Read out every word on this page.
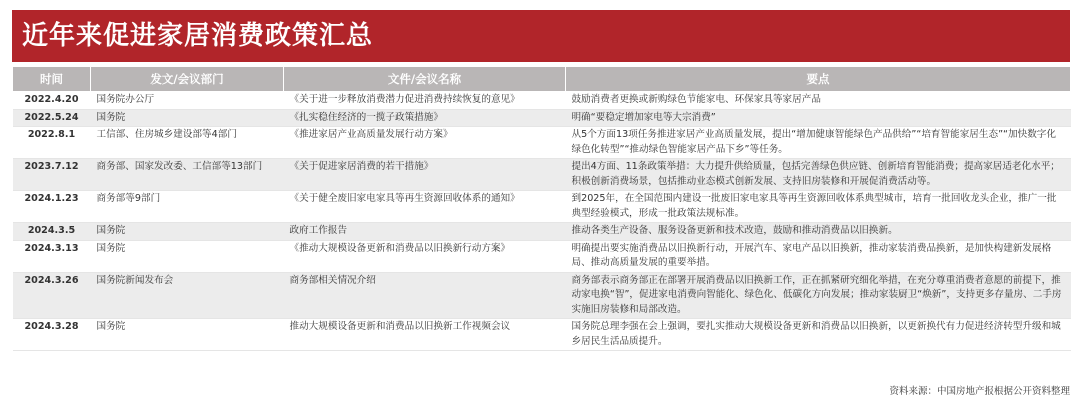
近年来促进家居消费政策汇总
时间	发文/会议部门	文件/会议名称	要点
2022.4.20	国务院办公厅	《关于进一步释放消费潜力促进消费持续恢复的意见》	鼓励消费者更换或新购绿色节能家电、环保家具等家居产品
2022.5.24	国务院	《扎实稳住经济的一揽子政策措施》	明确“要稳定增加家电等大宗消费”
2022.8.1	工信部、住房城乡建设部等4部门	《推进家居产业高质量发展行动方案》	从5个方面13项任务推进家居产业高质量发展，提出“增加健康智能绿色产品供给”“培育智能家居生态”“加快数字化绿色化转型”“推动绿色智能家居产品下乡”等任务。
2023.7.12	商务部、国家发改委、工信部等13部门	《关于促进家居消费的若干措施》	提出4方面、11条政策举措：大力提升供给质量，包括完善绿色供应链、创新培育智能消费；提高家居适老化水平；积极创新消费场景，包括推动业态模式创新发展、支持旧房装修和开展促消费活动等。
2024.1.23	商务部等9部门	《关于健全废旧家电家具等再生资源回收体系的通知》	到2025年，在全国范围内建设一批废旧家电家具等再生资源回收体系典型城市，培育一批回收龙头企业，推广一批典型经验模式，形成一批政策法规标准。
2024.3.5	国务院	政府工作报告	推动各类生产设备、服务设备更新和技术改造，鼓励和推动消费品以旧换新。
2024.3.13	国务院	《推动大规模设备更新和消费品以旧换新行动方案》	明确提出要实施消费品以旧换新行动，开展汽车、家电产品以旧换新，推动家装消费品换新，是加快构建新发展格局、推动高质量发展的重要举措。
2024.3.26	国务院新闻发布会	商务部相关情况介绍	商务部表示商务部正在部署开展消费品以旧换新工作，正在抓紧研究细化举措，在充分尊重消费者意愿的前提下，推动家电换“智”，促进家电消费向智能化、绿色化、低碳化方向发展；推动家装厨卫“焕新”，支持更多存量房、二手房实施旧房装修和局部改造。
2024.3.28	国务院	推动大规模设备更新和消费品以旧换新工作视频会议	国务院总理李强在会上强调，要扎实推动大规模设备更新和消费品以旧换新，以更新换代有力促进经济转型升级和城乡居民生活品质提升。
资料来源：中国房地产报根据公开资料整理
